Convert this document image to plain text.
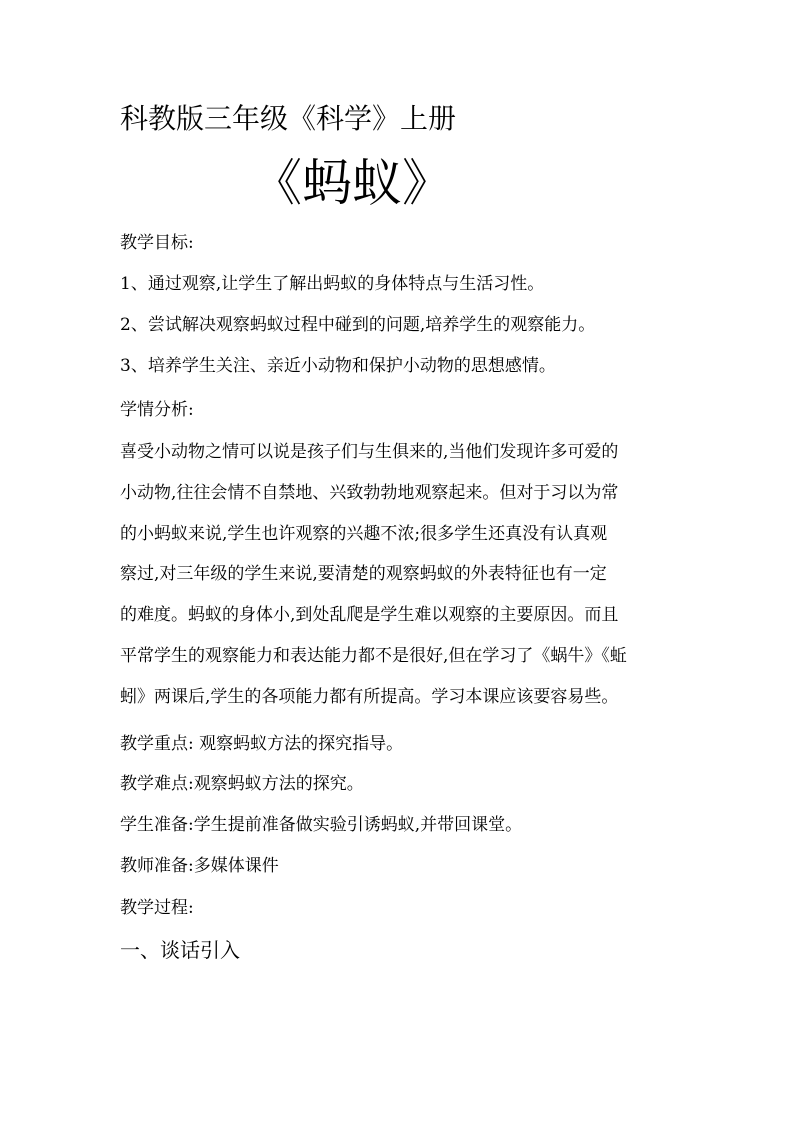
科教版三年级《科学》上册
《蚂蚁》
教学目标:
1、通过观察,让学生了解出蚂蚁的身体特点与生活习性。
2、尝试解决观察蚂蚁过程中碰到的问题,培养学生的观察能力。
3、培养学生关注、亲近小动物和保护小动物的思想感情。
学情分析:
喜受小动物之情可以说是孩子们与生俱来的,当他们发现许多可爱的
小动物,往往会情不自禁地、兴致勃勃地观察起来。但对于习以为常
的小蚂蚁来说,学生也许观察的兴趣不浓;很多学生还真没有认真观
察过,对三年级的学生来说,要清楚的观察蚂蚁的外表特征也有一定
的难度。蚂蚁的身体小,到处乱爬是学生难以观察的主要原因。而且
平常学生的观察能力和表达能力都不是很好,但在学习了《蜗牛》《蚯
蚓》两课后,学生的各项能力都有所提高。学习本课应该要容易些。
教学重点: 观察蚂蚁方法的探究指导。
教学难点:观察蚂蚁方法的探究。
学生准备:学生提前准备做实验引诱蚂蚁,并带回课堂。
教师准备:多媒体课件
教学过程:
一、谈话引入
